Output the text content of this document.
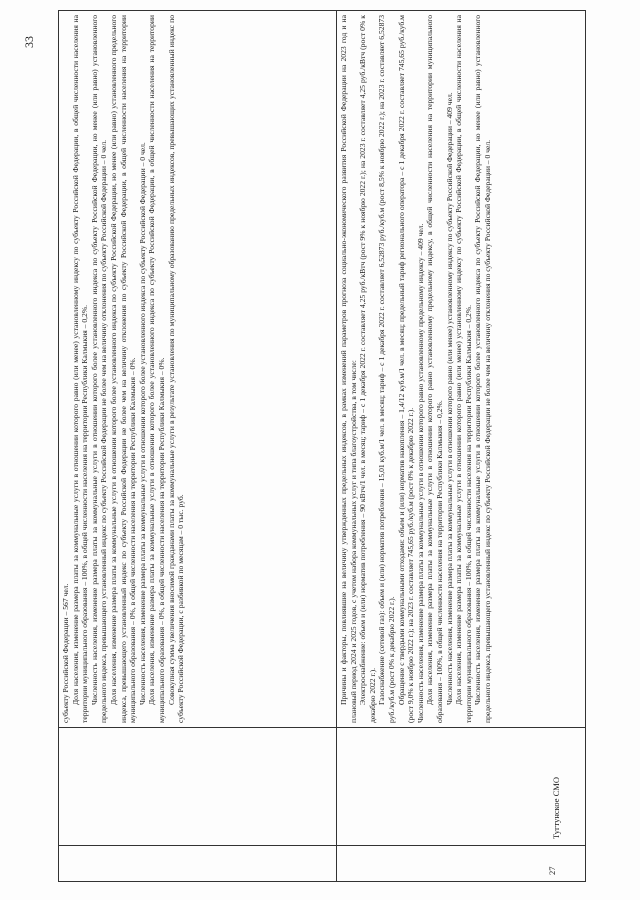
33

субъекту Российской Федерации – 567 чел. Доля населения, изменение размера платы за коммунальные услуги в отношении которого равно (или менее) установленному индексу по субъекту Российской Федерации, в общей численности населения на территории муниципального образования – 100%, в общей численности населения на территории Республики Калмыкия – 0,2%. Численность населения, изменение размера платы за коммунальные услуги в отношении которого более установленного индекса по субъекту Российской Федерации, но менее (или равно) установленного предельного индекса, превышающего установленный индекс по субъекту Российской Федерации не более чем на величину отклонения по субъекту Российской Федерации – 0 чел. Доля населения, изменение размера платы за коммунальные услуги в отношении которого более установленного индекса по субъекту Российской Федерации, но менее (или равно) установленного предельного индекса, превышающего установленный индекс по субъекту Российской Федерации не более чем на величину отклонения по субъекту Российской Федерации, в общей численности населения на территории муниципального образования – 0%, в общей численности населения на территории Республики Калмыкия – 0%. Численность населения, изменение размера платы за коммунальные услуги в отношении которого более установленного индекса по субъекту Российской Федерации – 0 чел. Доля населения, изменение размера платы за коммунальные услуги в отношении которого более установленного индекса по субъекту Российской Федерации, в общей численности населения на территории муниципального образования – 0%, в общей численности населения на территории Республики Калмыкия – 0%. Совокупная сумма увеличения вносимой гражданами платы за коммунальные услуги в результате установления по муниципальному образованию предельных индексов, превышающих установленный индекс по субъекту Российской Федерации, с разбивкой по месяцам – 0 тыс. руб.

27
Тугтунское СМО

Причины и факторы, повлиявшие на величину утвержденных предельных индексов, в рамках изменений параметров прогноза социально-экономического развития Российской Федерации на 2023 год и на плановый период 2024 и 2025 годов, с учетом набора коммунальных услуг и типа благоустройства, в том числе: Электроснабжение: объем и (или) норматив потребления – 90 кВтч/1 чел. в месяц; тариф – с 1 декабря 2022 г. составляет 4,25 руб./кВтч (рост 9% к ноябрю 2022 г.); на 2023 г. составляет 4,25 руб./кВтч (рост 0% к декабрю 2022 г.). Газоснабжение (сетевой газ): объем и (или) норматив потребления – 15,01 куб.м/1 чел. в месяц; тариф – с 1 декабря 2022 г. составляет 6,52873 руб./куб.м (рост 8,5% к ноябрю 2022 г.); на 2023 г. составляет 6,52873 руб./куб.м (рост 0% к декабрю 2022 г.). Обращение с твердыми коммунальными отходами: объем и (или) норматив накопления – 1,4/12 куб.м/1 чел. в месяц; предельный тариф регионального оператора – с 1 декабря 2022 г. составляет 745,65 руб./куб.м (рост 9,0% к ноябрю 2022 г.); на 2023 г. составляет 745,65 руб./куб.м (рост 0% к декабрю 2022 г.). Численность населения, изменение размера платы за коммунальные услуги в отношении которого равно установленному предельному индексу – 409 чел. Доля населения, изменение размера платы за коммунальные услуги в отношении которого равно установленному предельному индексу, в общей численности населения на территории муниципального образования – 100%, в общей численности населения на территории Республики Калмыкия – 0,2%. Численность населения, изменение размера платы за коммунальные услуги в отношении которого равно (или менее) установленному индексу по субъекту Российской Федерации – 409 чел. Доля населения, изменение размера платы за коммунальные услуги в отношении которого равно (или менее) установленному индексу по субъекту Российской Федерации, в общей численности населения на территории муниципального образования – 100%, в общей численности населения на территории Республики Калмыкия – 0,2%. Численность населения, изменение размера платы за коммунальные услуги в отношении которого более установленного индекса по субъекту Российской Федерации, но менее (или равно) установленного предельного индекса, превышающего установленный индекс по субъекту Российской Федерации не более чем на величину отклонения по субъекту Российской Федерации – 0 чел.
